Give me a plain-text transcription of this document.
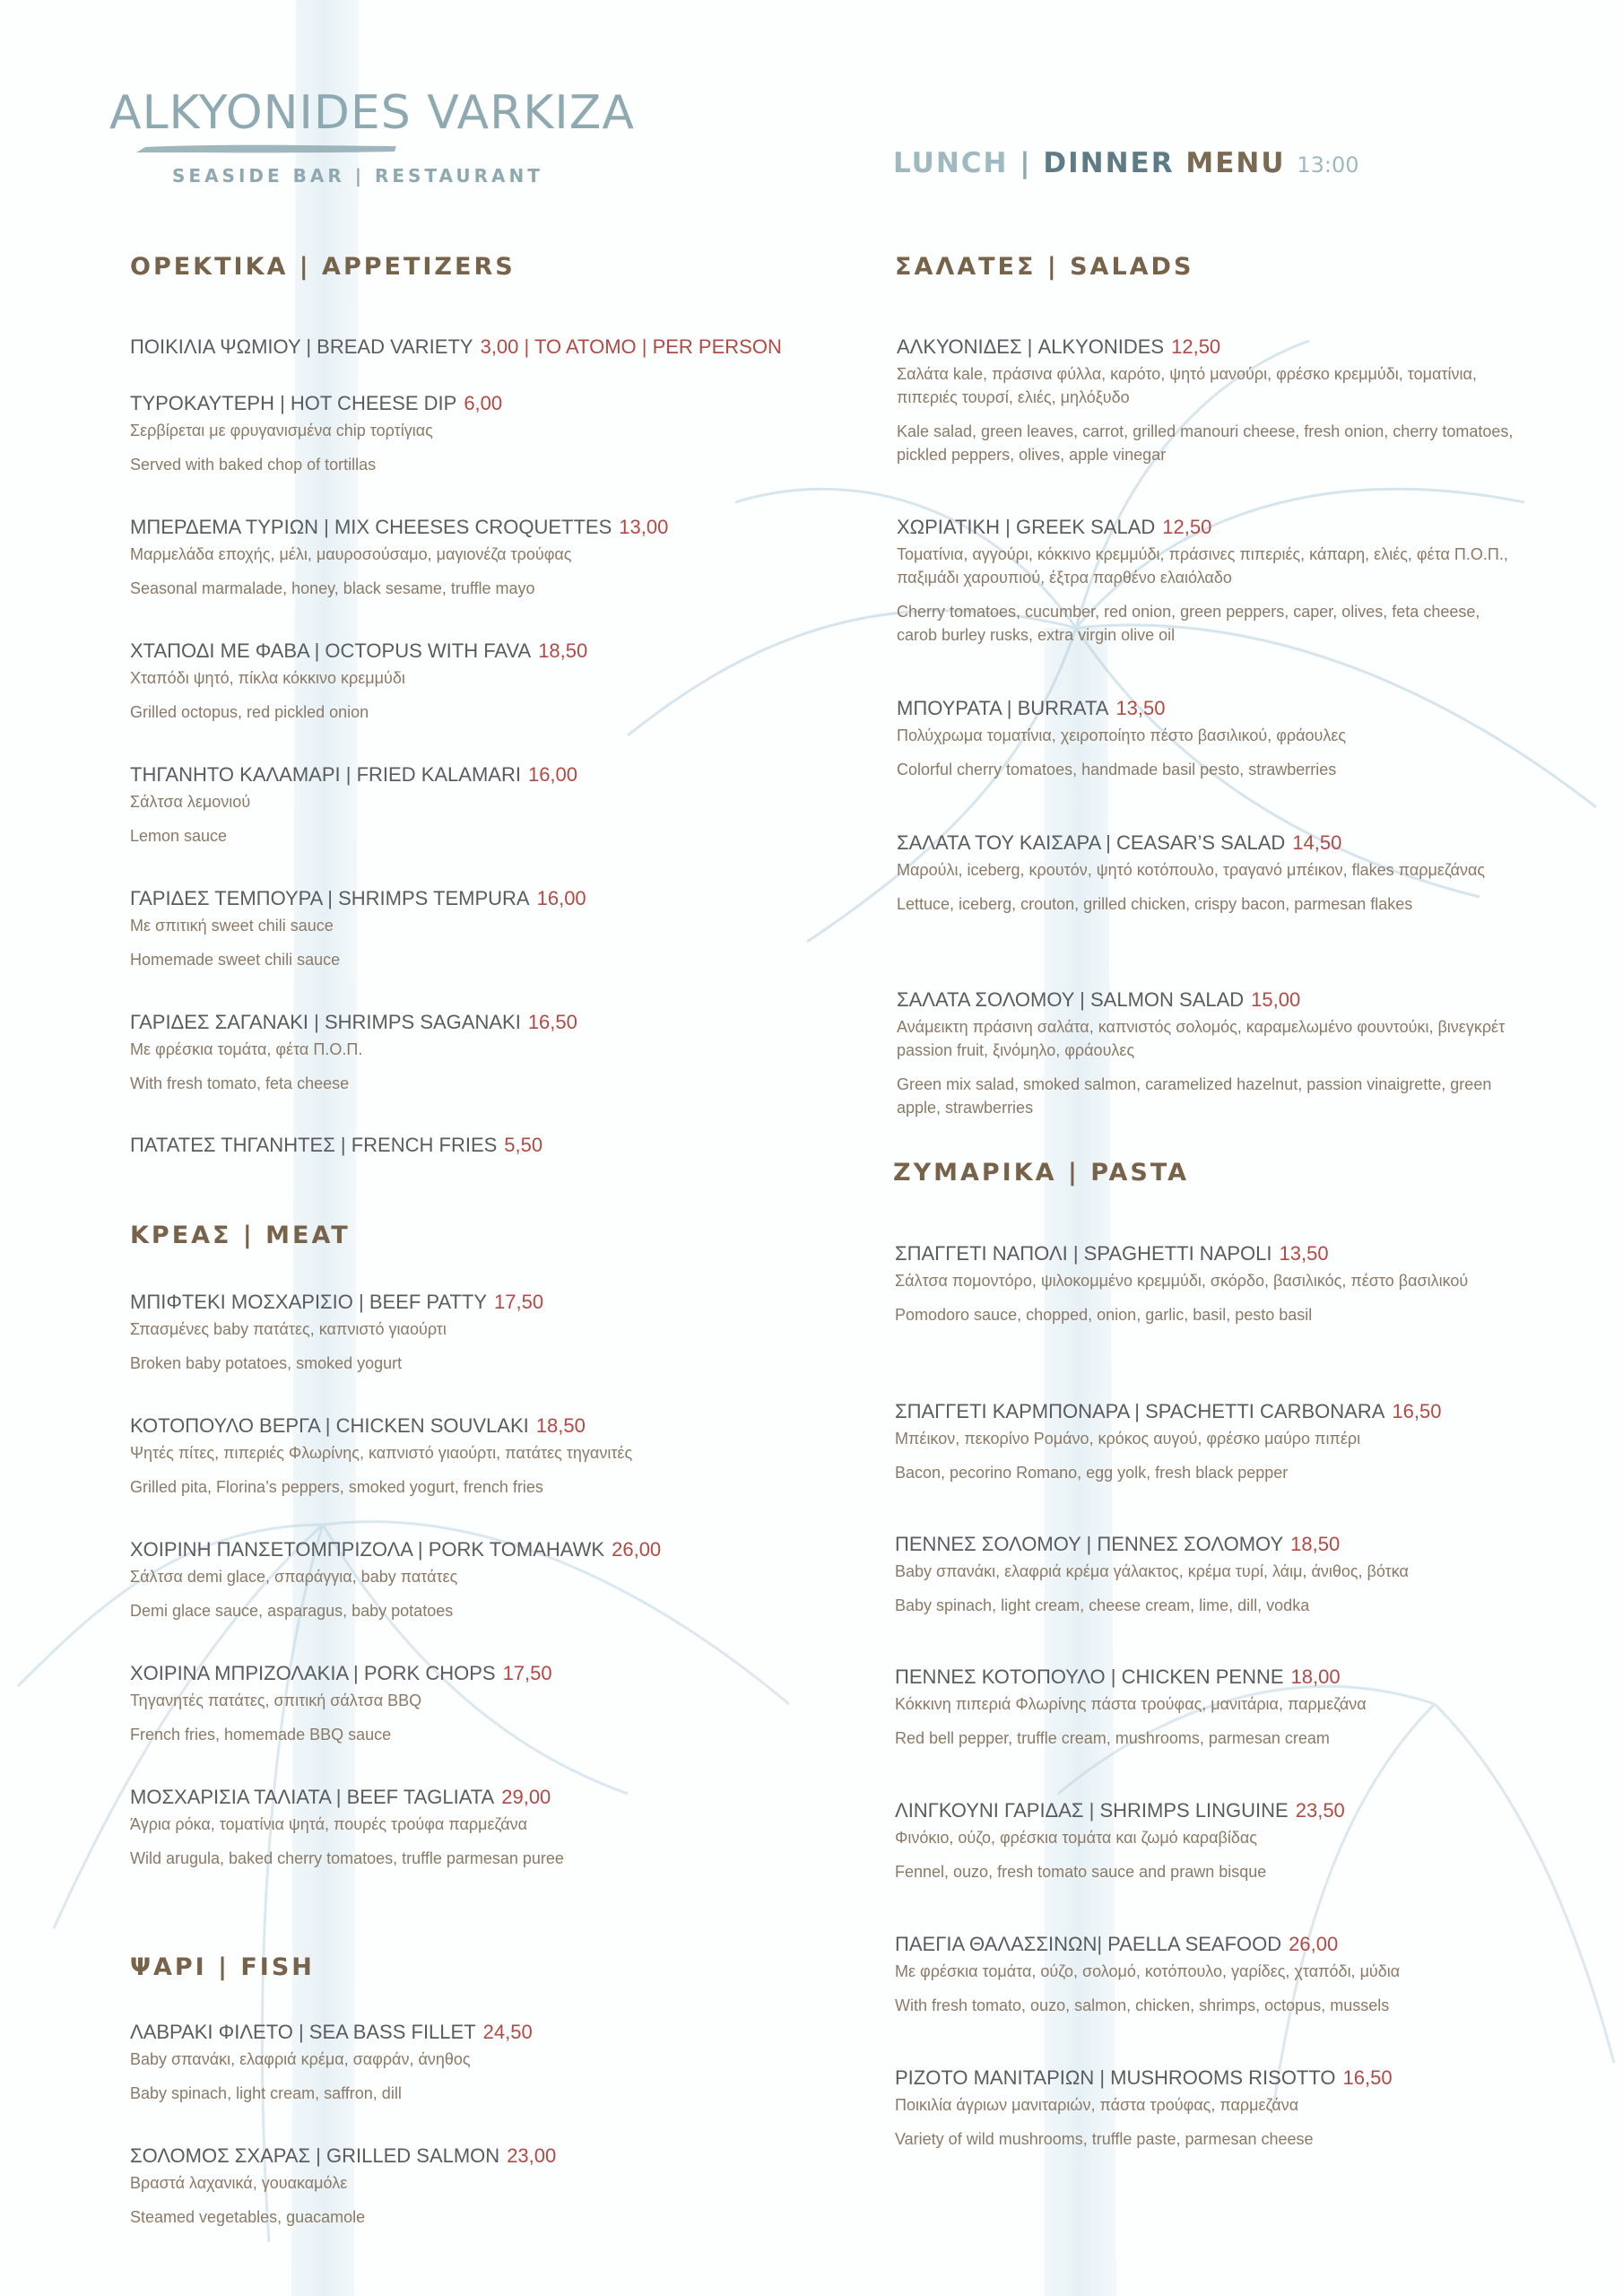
ALKYONIDES VARKIZA
SEASIDE BAR | RESTAURANT	LUNCH | DINNER MENU 13:00
ΟΡΕΚΤΙΚΑ | APPETIZERS
ΠΟΙΚΙΛΙΑ ΨΩΜΙΟΥ | BREAD VARIETY 3,00 | TO ATOMO | PER PERSON
ΤΥΡΟΚΑΥΤΕΡΗ | HOT CHEESE DIP 6,00
Σερβίρεται με φρυγανισμένα chip τορτίγιας
Served with baked chop of tortillas
ΜΠΕΡΔΕΜΑ ΤΥΡΙΩΝ | MIX CHEESES CROQUETTES 13,00
Μαρμελάδα εποχής, μέλι, μαυροσούσαμο, μαγιονέζα τρούφας
Seasonal marmalade, honey, black sesame, truffle mayo
ΧΤΑΠΟΔΙ ΜΕ ΦΑΒΑ | OCTOPUS WITH FAVA 18,50
Χταπόδι ψητό, πίκλα κόκκινο κρεμμύδι
Grilled octopus, red pickled onion
ΤΗΓΑΝΗΤΟ ΚΑΛΑΜΑΡΙ | FRIED KALAMARI 16,00
Σάλτσα λεμονιού
Lemon sauce
ΓΑΡΙΔΕΣ ΤΕΜΠΟΥΡΑ | SHRIMPS TEMPURA 16,00
Με σπιτική sweet chili sauce
Homemade sweet chili sauce
ΓΑΡΙΔΕΣ ΣΑΓΑΝΑΚΙ | SHRIMPS SAGANAKI 16,50
Με φρέσκια τομάτα, φέτα Π.Ο.Π.
With fresh tomato, feta cheese
ΠΑΤΑΤΕΣ ΤΗΓΑΝΗΤΕΣ | FRENCH FRIES 5,50
ΚΡΕΑΣ | MEAT
ΜΠΙΦΤΕΚΙ ΜΟΣΧΑΡΙΣΙΟ | BEEF PATTY 17,50
Σπασμένες baby πατάτες, καπνιστό γιαούρτι
Broken baby potatoes, smoked yogurt
ΚΟΤΟΠΟΥΛΟ ΒΕΡΓΑ | CHICKEN SOUVLAKI 18,50
Ψητές πίτες, πιπεριές Φλωρίνης, καπνιστό γιαούρτι, πατάτες τηγανιτές
Grilled pita, Florina’s peppers, smoked yogurt, french fries
ΧΟΙΡΙΝΗ ΠΑΝΣΕΤΟΜΠΡΙΖΟΛΑ | PORK TOMAHAWK 26,00
Σάλτσα demi glace, σπαράγγια, baby πατάτες
Demi glace sauce, asparagus, baby potatoes
ΧΟΙΡΙΝΑ ΜΠΡΙΖΟΛΑΚΙΑ | PORK CHOPS 17,50
Τηγανητές πατάτες, σπιτική σάλτσα BBQ
French fries, homemade BBQ sauce
ΜΟΣΧΑΡΙΣΙΑ ΤΑΛΙΑΤΑ | BEEF TAGLIATA 29,00
Άγρια ρόκα, τοματίνια ψητά, πουρές τρούφα παρμεζάνα
Wild arugula, baked cherry tomatoes, truffle parmesan puree
ΨΑΡΙ | FISH
ΛΑΒΡΑΚΙ ΦΙΛΕΤΟ | SEA BASS FILLET 24,50
Baby σπανάκι, ελαφριά κρέμα, σαφράν, άνηθος
Baby spinach, light cream, saffron, dill
ΣΟΛΟΜΟΣ ΣΧΑΡΑΣ | GRILLED SALMON 23,00
Βραστά λαχανικά, γουακαμόλε
Steamed vegetables, guacamole
ΣΑΛΑΤΕΣ | SALADS
ΑΛΚΥΟΝΙΔΕΣ | ALKYONIDES 12,50
Σαλάτα kale, πράσινα φύλλα, καρότο, ψητό μανούρι, φρέσκο κρεμμύδι, τοματίνια, πιπεριές τουρσί, ελιές, μηλόξυδο
Kale salad, green leaves, carrot, grilled manouri cheese, fresh onion, cherry tomatoes, pickled peppers, olives, apple vinegar
ΧΩΡΙΑΤΙΚΗ | GREEK SALAD 12,50
Τοματίνια, αγγούρι, κόκκινο κρεμμύδι, πράσινες πιπεριές, κάπαρη, ελιές, φέτα Π.Ο.Π., παξιμάδι χαρουπιού, έξτρα παρθένο ελαιόλαδο
Cherry tomatoes, cucumber, red onion, green peppers, caper, olives, feta cheese, carob burley rusks, extra virgin olive oil
ΜΠΟΥΡΑΤΑ | BURRATA 13,50
Πολύχρωμα τοματίνια, χειροποίητο πέστο βασιλικού, φράουλες
Colorful cherry tomatoes, handmade basil pesto, strawberries
ΣΑΛΑΤΑ ΤΟΥ ΚΑΙΣΑΡΑ | CEASAR’S SALAD 14,50
Μαρούλι, iceberg, κρουτόν, ψητό κοτόπουλο, τραγανό μπέικον, flakes παρμεζάνας
Lettuce, iceberg, crouton, grilled chicken, crispy bacon, parmesan flakes
ΣΑΛΑΤΑ ΣΟΛΟΜΟΥ | SALMON SALAD 15,00
Ανάμεικτη πράσινη σαλάτα, καπνιστός σολομός, καραμελωμένο φουντούκι, βινεγκρέτ passion fruit, ξινόμηλο, φράουλες
Green mix salad, smoked salmon, caramelized hazelnut, passion vinaigrette, green apple, strawberries
ΖΥΜΑΡΙΚΑ | PASTA
ΣΠΑΓΓΕΤΙ ΝΑΠΟΛΙ | SPAGHETTI NAPOLI 13,50
Σάλτσα πομοντόρο, ψιλοκομμένο κρεμμύδι, σκόρδο, βασιλικός, πέστο βασιλικού
Pomodoro sauce, chopped, onion, garlic, basil, pesto basil
ΣΠΑΓΓΕΤΙ ΚΑΡΜΠΟΝΑΡΑ | SPACHETTI CARBONARA 16,50
Μπέικον, πεκορίνο Ρομάνο, κρόκος αυγού, φρέσκο μαύρο πιπέρι
Bacon, pecorino Romano, egg yolk, fresh black pepper
ΠΕΝΝΕΣ ΣΟΛΟΜΟΥ | ΠΕΝΝΕΣ ΣΟΛΟΜΟΥ 18,50
Baby σπανάκι, ελαφριά κρέμα γάλακτος, κρέμα τυρί, λάιμ, άνιθος, βότκα
Baby spinach, light cream, cheese cream, lime, dill, vodka
ΠΕΝΝΕΣ ΚΟΤΟΠΟΥΛΟ | CHICKEN PENNE 18,00
Κόκκινη πιπεριά Φλωρίνης πάστα τρούφας, μανιτάρια, παρμεζάνα
Red bell pepper, truffle cream, mushrooms, parmesan cream
ΛΙΝΓΚΟΥΝΙ ΓΑΡΙΔΑΣ | SHRIMPS LINGUINE 23,50
Φινόκιο, ούζο, φρέσκια τομάτα και ζωμό καραβίδας
Fennel, ouzo, fresh tomato sauce and prawn bisque
ΠΑΕΓΙΑ ΘΑΛΑΣΣΙΝΩΝ| PAELLA SEAFOOD 26,00
Με φρέσκια τομάτα, ούζο, σολομό, κοτόπουλο, γαρίδες, χταπόδι, μύδια
With fresh tomato, ouzo, salmon, chicken, shrimps, octopus, mussels
ΡΙΖΟΤΟ ΜΑΝΙΤΑΡΙΩΝ | MUSHROOMS RISOTTO 16,50
Ποικιλία άγριων μανιταριών, πάστα τρούφας, παρμεζάνα
Variety of wild mushrooms, truffle paste, parmesan cheese
